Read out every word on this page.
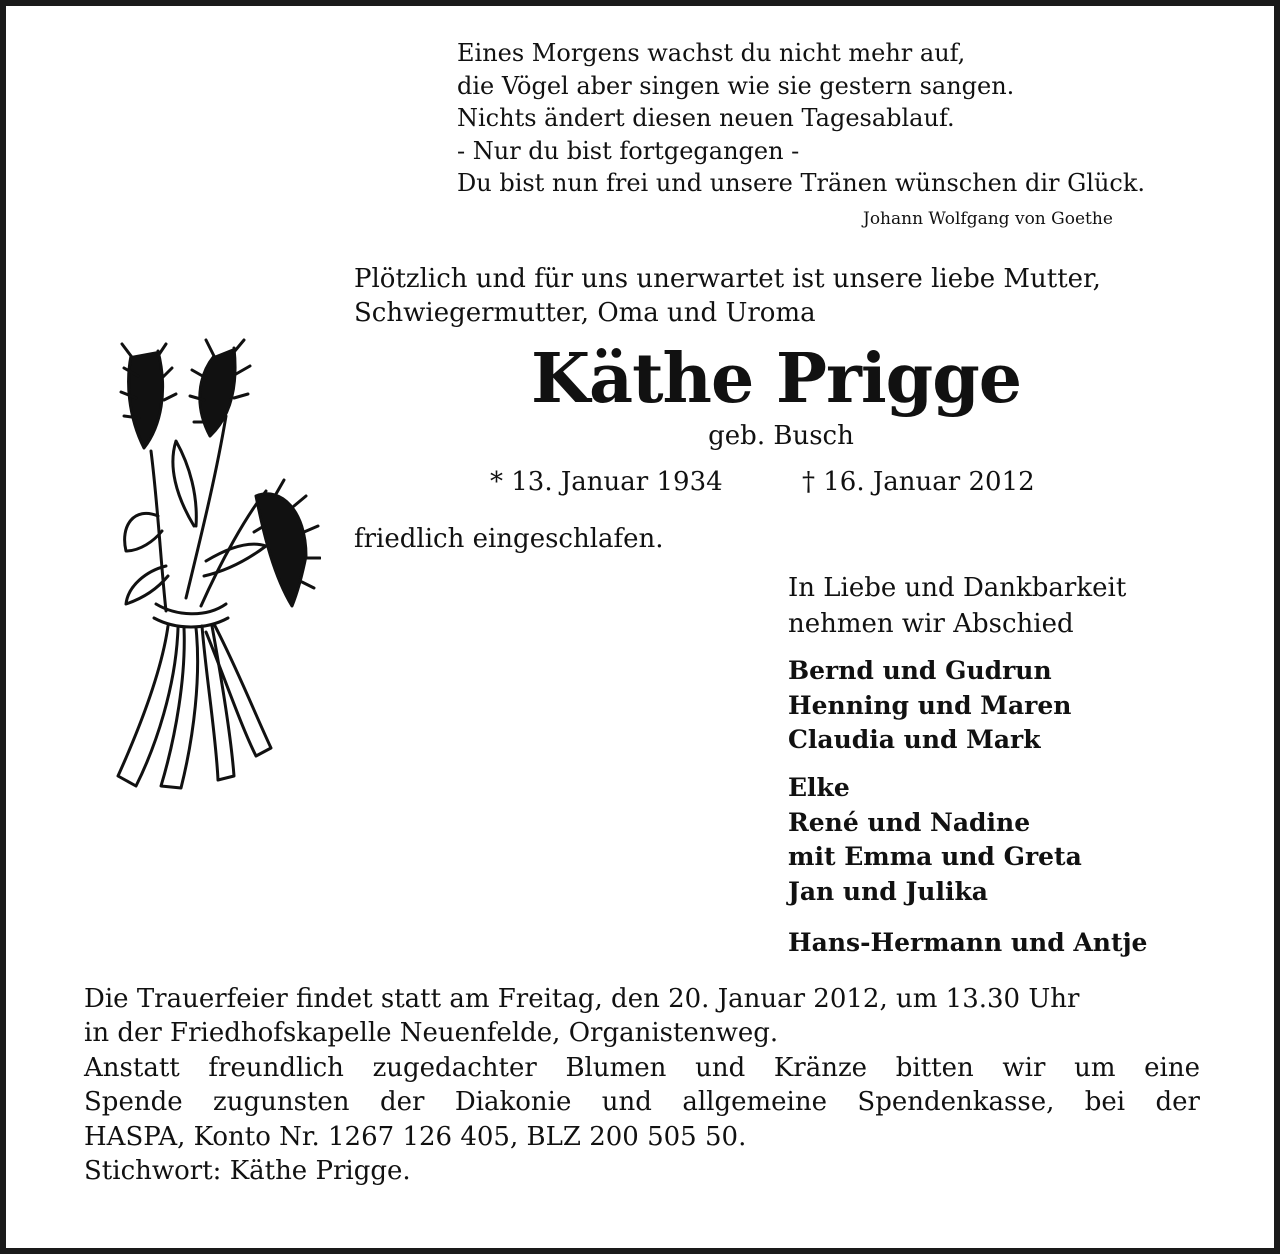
Eines Morgens wachst du nicht mehr auf,
die Vögel aber singen wie sie gestern sangen.
Nichts ändert diesen neuen Tagesablauf.
- Nur du bist fortgegangen -
Du bist nun frei und unsere Tränen wünschen dir Glück.
Johann Wolfgang von Goethe
Plötzlich und für uns unerwartet ist unsere liebe Mutter,
Schwiegermutter, Oma und Uroma
Käthe Prigge
geb. Busch
* 13. Januar 1934	† 16. Januar 2012
friedlich eingeschlafen.
In Liebe und Dankbarkeit
nehmen wir Abschied
Bernd und Gudrun
Henning und Maren
Claudia und Mark
Elke
René und Nadine
mit Emma und Greta
Jan und Julika
Hans-Hermann und Antje
Die Trauerfeier findet statt am Freitag, den 20. Januar 2012, um 13.30 Uhr
in der Friedhofskapelle Neuenfelde, Organistenweg.
Anstatt freundlich zugedachter Blumen und Kränze bitten wir um eine
Spende zugunsten der Diakonie und allgemeine Spendenkasse, bei der
HASPA, Konto Nr. 1267 126 405, BLZ 200 505 50.
Stichwort: Käthe Prigge.
